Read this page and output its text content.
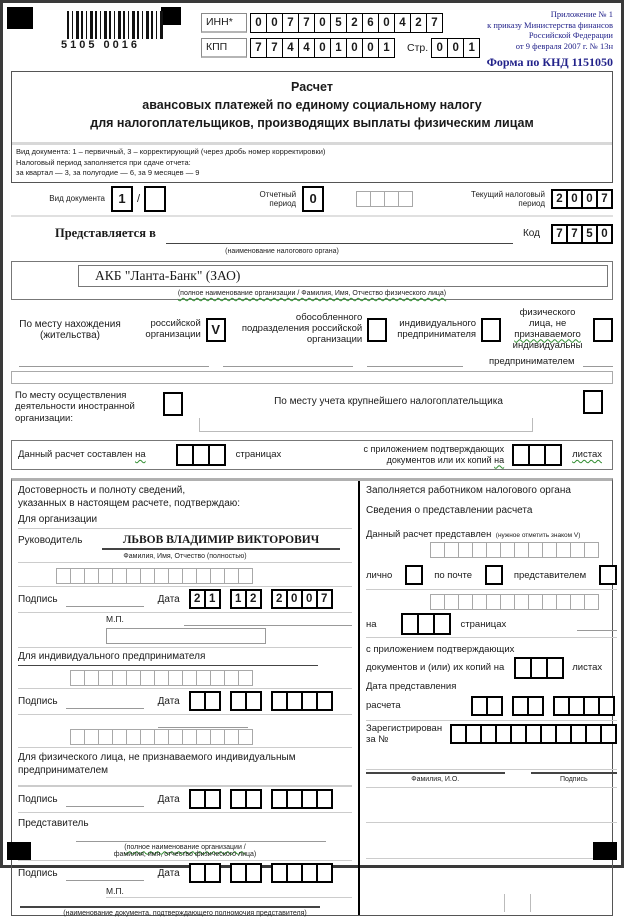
5105 0016
ИНН*	0 0 7 7 0 5 2 6 0 4 2 7
КПП	7 7 4 4 0 1 0 0 1	Стр. 0 0 1
Приложение № 1
к приказу Министерства финансов
Российской Федерации
от 9 февраля 2007 г. № 13н
Форма по КНД 1151050
Расчет
авансовых платежей по единому социальному налогу
для налогоплательщиков, производящих выплаты физическим лицам
Вид документа: 1 – первичный, 3 – корректирующий (через дробь номер корректировки)
Налоговый период заполняется при сдаче отчета:
за квартал — 3, за полугодие — 6, за 9 месяцев — 9
Вид документа	1	/	Отчетный период	0	Текущий налоговый период 2 0 0 7
Представляется в	Код	7 7 5 0
(наименование налогового органа)
АКБ "Ланта-Банк" (ЗАО)
(полное наименование организации / Фамилия, Имя, Отчество физического лица)
По месту нахождения (жительства)
российской организации V
обособленного подразделения российской организации
индивидуального предпринимателя
физического лица, не
признаваемого
индивидуальны
предпринимателем
По месту осуществления деятельности иностранной организации:
По месту учета крупнейшего налогоплательщика
Данный расчет составлен на	страницах	с приложением подтверждающих
документов или их копий на	листах
Достоверность и полноту сведений,
указанных в настоящем расчете, подтверждаю:
Для организации
Руководитель	ЛЬВОВ ВЛАДИМИР ВИКТОРОВИЧ
Фамилия, Имя, Отчество (полностью)
Подпись	Дата	2 1	1 2	2 0 0 7
М.П.
Для индивидуального предпринимателя
Подпись	Дата
Для физического лица, не признаваемого индивидуальным
предпринимателем
Подпись	Дата
Представитель
(полное наименование организации /
фамилия, имя, отчество физического лица)
Подпись	Дата
М.П.
(наименование документа, подтверждающего полномочия представителя)
Заполняется работником налогового органа
Сведения о представлении расчета
Данный расчет представлен (нужное отметить знаком V)
лично	по почте	представителем
на	страницах
с приложением подтверждающих
документов и (или) их копий на	листах
Дата представления
расчета
Зарегистрирован за №
Фамилия, И.О.	Подпись
